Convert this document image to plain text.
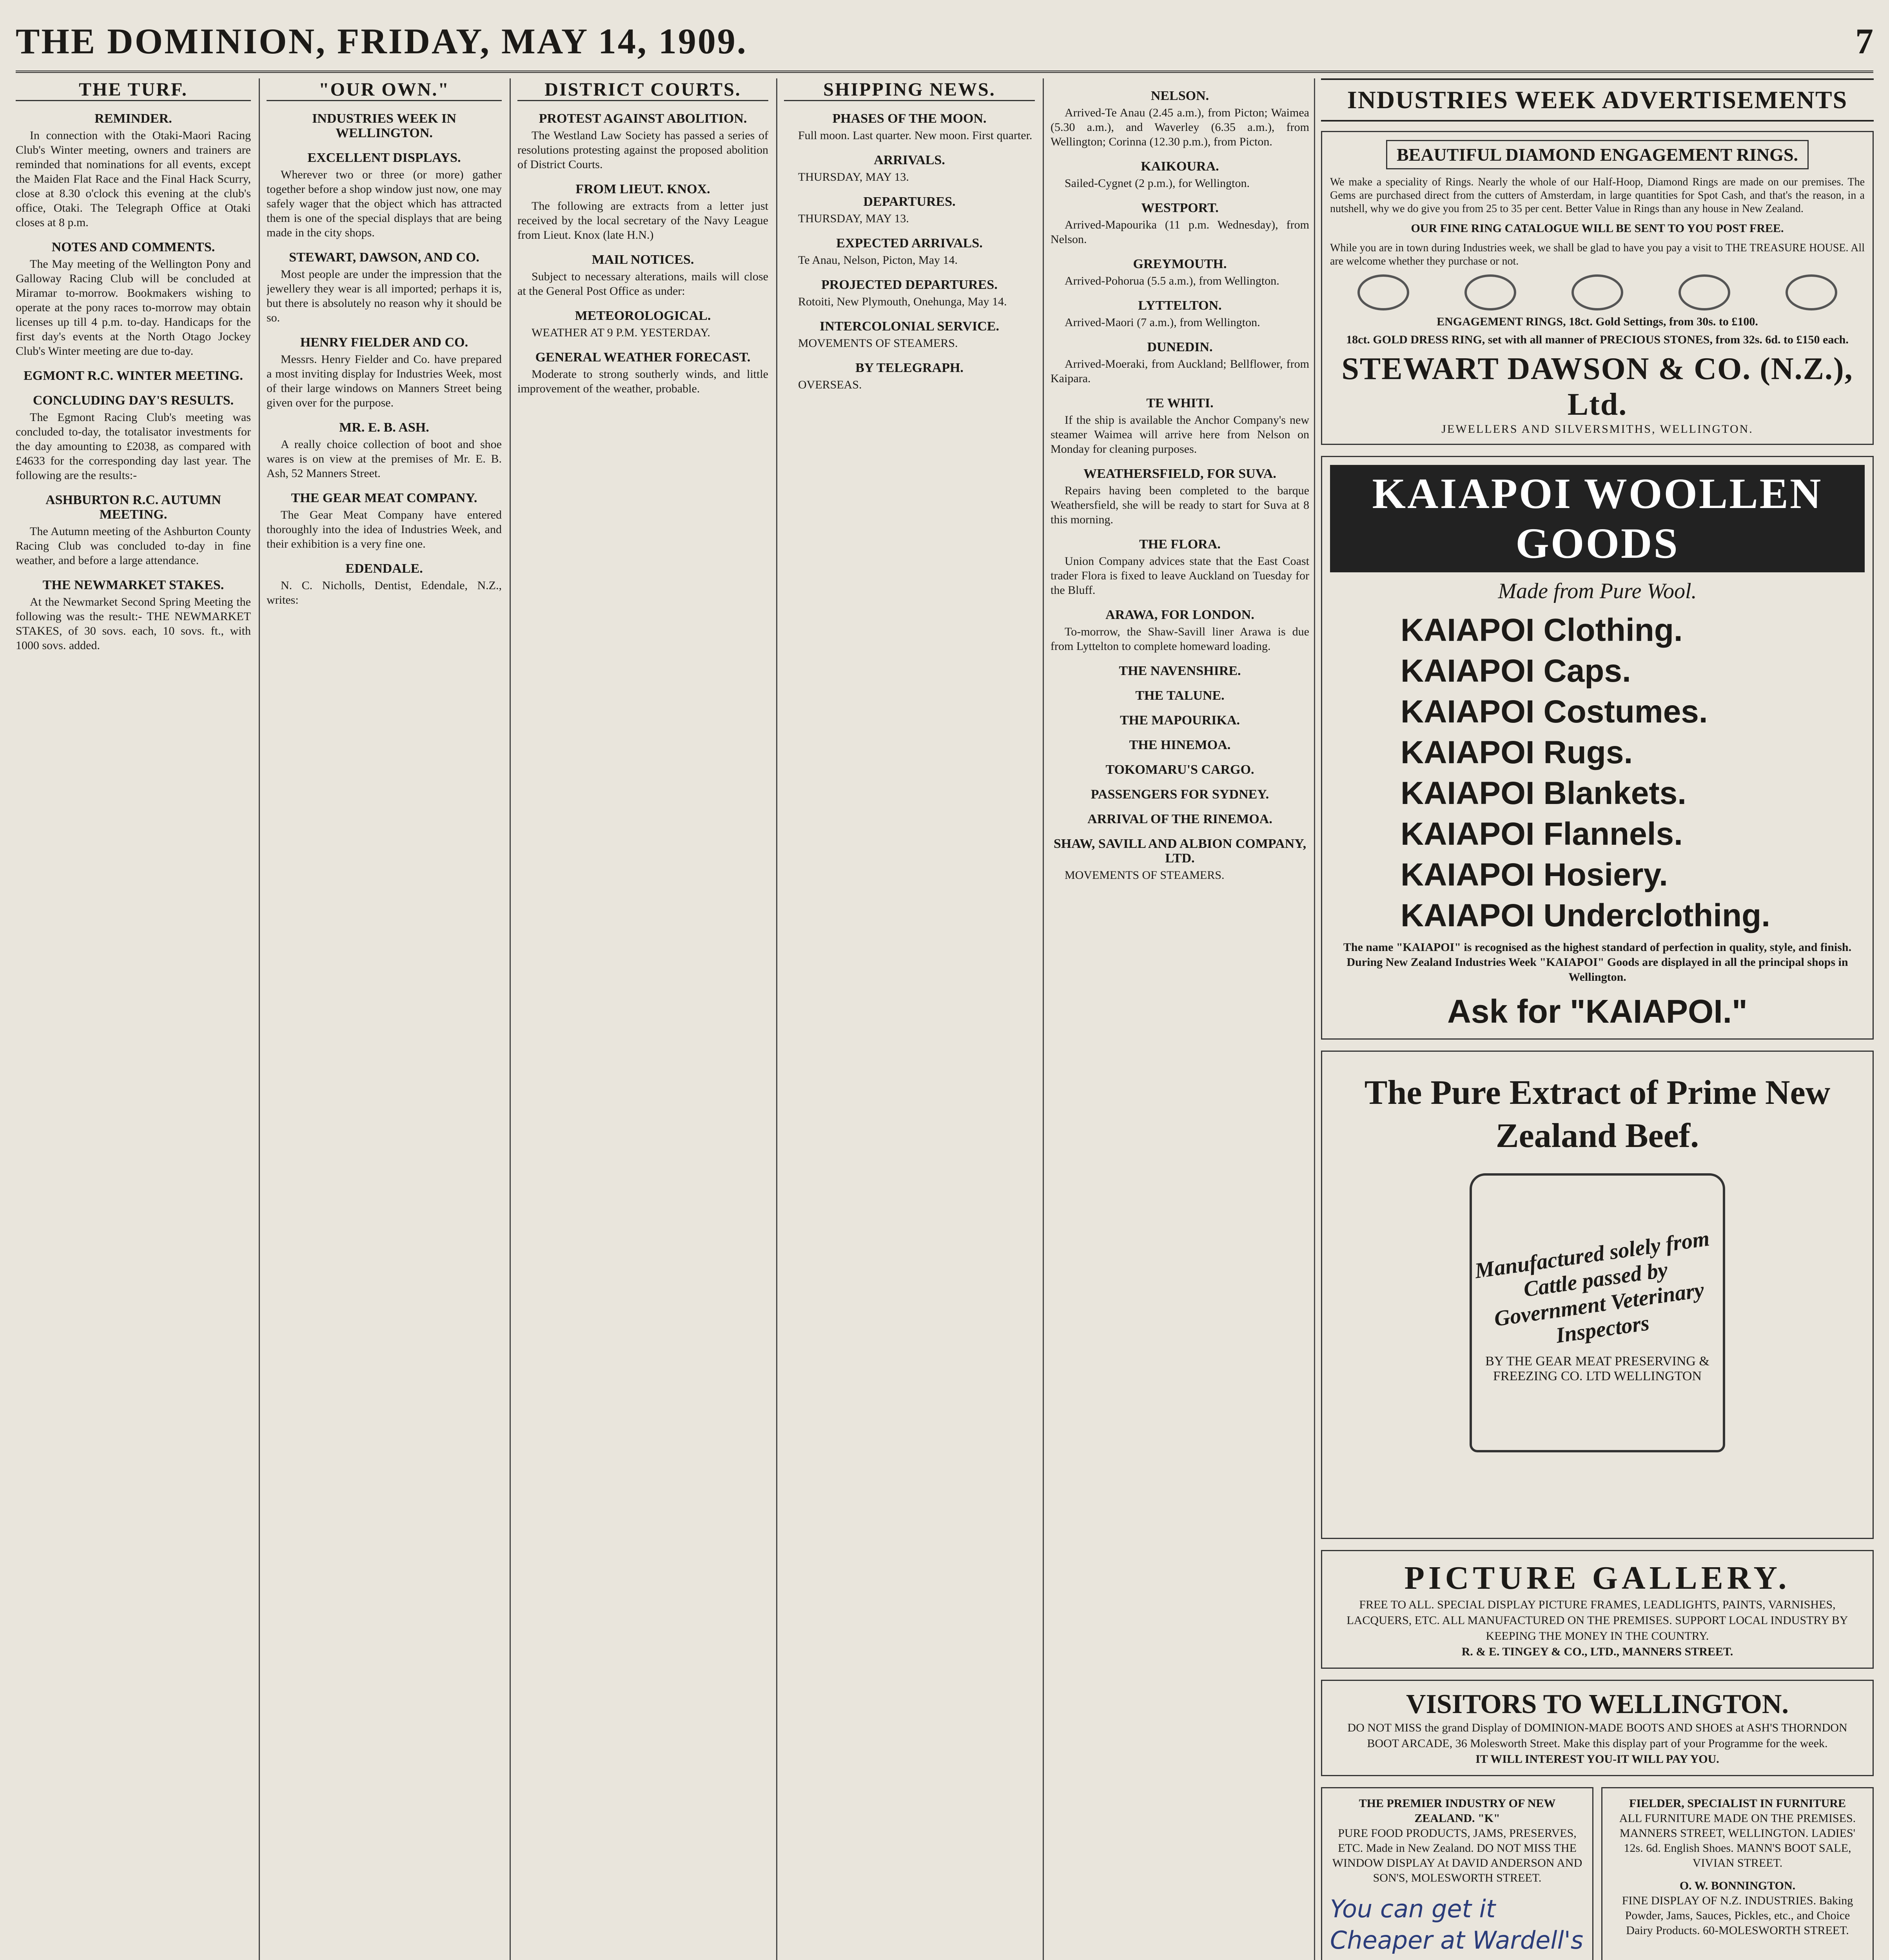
THE DOMINION, FRIDAY, MAY 14, 1909.	7
THE TURF.
REMINDER.

In connection with the Otaki-Maori Racing Club's Winter meeting, owners and trainers are reminded that nominations for all events, except the Maiden Flat Race and the Final Hack Scurry, close at 8.30 o'clock this evening at the club's office, Otaki. The Telegraph Office at Otaki closes at 8 p.m.

NOTES AND COMMENTS.

The May meeting of the Wellington Pony and Galloway Racing Club will be concluded at Miramar to-morrow. Bookmakers wishing to operate at the pony races to-morrow may obtain licenses up till 4 p.m. to-day. Handicaps for the first day's events at the North Otago Jockey Club's Winter meeting are due to-day.

EGMONT R.C. WINTER MEETING.
CONCLUDING DAY'S RESULTS.

The Egmont Racing Club's meeting was concluded to-day, the totalisator investments for the day amounting to £2038, as compared with £4633 for the corresponding day last year. The following are the results:-

ASHBURTON R.C. AUTUMN MEETING.

The Autumn meeting of the Ashburton County Racing Club was concluded to-day in fine weather, and before a large attendance.

THE NEWMARKET STAKES.

At the Newmarket Second Spring Meeting the following was the result:- THE NEWMARKET STAKES, of 30 sovs. each, 10 sovs. ft., with 1000 sovs. added.

"OUR OWN."
INDUSTRIES WEEK IN WELLINGTON.
EXCELLENT DISPLAYS.

Wherever two or three (or more) gather together before a shop window just now, one may safely wager that the object which has attracted them is one of the special displays that are being made in the city shops.

STEWART, DAWSON, AND CO.

Most people are under the impression that the jewellery they wear is all imported; perhaps it is, but there is absolutely no reason why it should be so.

HENRY FIELDER AND CO.

Messrs. Henry Fielder and Co. have prepared a most inviting display for Industries Week, most of their large windows on Manners Street being given over for the purpose.

MR. E. B. ASH.

A really choice collection of boot and shoe wares is on view at the premises of Mr. E. B. Ash, 52 Manners Street.

THE GEAR MEAT COMPANY.

The Gear Meat Company have entered thoroughly into the idea of Industries Week, and their exhibition is a very fine one.

EDENDALE.

N. C. Nicholls, Dentist, Edendale, N.Z., writes:

DISTRICT COURTS.
PROTEST AGAINST ABOLITION.

The Westland Law Society has passed a series of resolutions protesting against the proposed abolition of District Courts.

FROM LIEUT. KNOX.

The following are extracts from a letter just received by the local secretary of the Navy League from Lieut. Knox (late H.N.)

MAIL NOTICES.

Subject to necessary alterations, mails will close at the General Post Office as under:

METEOROLOGICAL.

WEATHER AT 9 P.M. YESTERDAY.

GENERAL WEATHER FORECAST.

Moderate to strong southerly winds, and little improvement of the weather, probable.

SHIPPING NEWS.
PHASES OF THE MOON.

Full moon. Last quarter. New moon. First quarter.

ARRIVALS.

THURSDAY, MAY 13.

DEPARTURES.

THURSDAY, MAY 13.

EXPECTED ARRIVALS.

Te Anau, Nelson, Picton, May 14.

PROJECTED DEPARTURES.

Rotoiti, New Plymouth, Onehunga, May 14.

INTERCOLONIAL SERVICE.

MOVEMENTS OF STEAMERS.

BY TELEGRAPH.

OVERSEAS.

NELSON.

Arrived-Te Anau (2.45 a.m.), from Picton; Waimea (5.30 a.m.), and Waverley (6.35 a.m.), from Wellington; Corinna (12.30 p.m.), from Picton.

KAIKOURA.

Sailed-Cygnet (2 p.m.), for Wellington.

WESTPORT.

Arrived-Mapourika (11 p.m. Wednesday), from Nelson.

GREYMOUTH.

Arrived-Pohorua (5.5 a.m.), from Wellington.

LYTTELTON.

Arrived-Maori (7 a.m.), from Wellington.

DUNEDIN.

Arrived-Moeraki, from Auckland; Bellflower, from Kaipara.

TE WHITI.

If the ship is available the Anchor Company's new steamer Waimea will arrive here from Nelson on Monday for cleaning purposes.

WEATHERSFIELD, FOR SUVA.

Repairs having been completed to the barque Weathersfield, she will be ready to start for Suva at 8 this morning.

THE FLORA.

Union Company advices state that the East Coast trader Flora is fixed to leave Auckland on Tuesday for the Bluff.

ARAWA, FOR LONDON.

To-morrow, the Shaw-Savill liner Arawa is due from Lyttelton to complete homeward loading.

THE NAVENSHIRE.
THE TALUNE.
THE MAPOURIKA.
THE HINEMOA.
TOKOMARU'S CARGO.
PASSENGERS FOR SYDNEY.
ARRIVAL OF THE RINEMOA.
SHAW, SAVILL AND ALBION COMPANY, LTD.

MOVEMENTS OF STEAMERS.

INDUSTRIES WEEK ADVERTISEMENTS
BEAUTIFUL DIAMOND ENGAGEMENT RINGS.
We make a speciality of Rings. Nearly the whole of our Half-Hoop, Diamond Rings are made on our premises. The Gems are purchased direct from the cutters of Amsterdam, in large quantities for Spot Cash, and that's the reason, in a nutshell, why we do give you from 25 to 35 per cent. Better Value in Rings than any house in New Zealand.
OUR FINE RING CATALOGUE WILL BE SENT TO YOU POST FREE.
While you are in town during Industries week, we shall be glad to have you pay a visit to THE TREASURE HOUSE. All are welcome whether they purchase or not.
ENGAGEMENT RINGS, 18ct. Gold Settings, from 30s. to £100.
18ct. GOLD DRESS RING, set with all manner of PRECIOUS STONES, from 32s. 6d. to £150 each.
STEWART DAWSON & CO. (N.Z.), Ltd.
JEWELLERS AND SILVERSMITHS, WELLINGTON.
KAIAPOI WOOLLEN GOODS
Made from Pure Wool.
KAIAPOI Clothing.
KAIAPOI Caps.
KAIAPOI Costumes.
KAIAPOI Rugs.
KAIAPOI Blankets.
KAIAPOI Flannels.
KAIAPOI Hosiery.
KAIAPOI Underclothing.
The name "KAIAPOI" is recognised as the highest standard of perfection in quality, style, and finish.
During New Zealand Industries Week "KAIAPOI" Goods are displayed in all the principal shops in Wellington.
Ask for "KAIAPOI."
The Pure Extract of Prime New Zealand Beef.
Manufactured solely from Cattle passed by Government Veterinary Inspectors
BY THE GEAR MEAT PRESERVING & FREEZING CO. LTD WELLINGTON
PICTURE GALLERY.
FREE TO ALL. SPECIAL DISPLAY PICTURE FRAMES, LEADLIGHTS, PAINTS, VARNISHES, LACQUERS, ETC. ALL MANUFACTURED ON THE PREMISES. SUPPORT LOCAL INDUSTRY BY KEEPING THE MONEY IN THE COUNTRY.
R. & E. TINGEY & CO., LTD., MANNERS STREET.
VISITORS TO WELLINGTON.
DO NOT MISS the grand Display of DOMINION-MADE BOOTS AND SHOES at ASH'S THORNDON BOOT ARCADE, 36 Molesworth Street. Make this display part of your Programme for the week.
IT WILL INTEREST YOU-IT WILL PAY YOU.
THE PREMIER INDUSTRY OF NEW ZEALAND. "K"
PURE FOOD PRODUCTS, JAMS, PRESERVES, ETC. Made in New Zealand. DO NOT MISS THE WINDOW DISPLAY At DAVID ANDERSON AND SON'S, MOLESWORTH STREET.
You can get it Cheaper at Wardell's
FIELDER, SPECIALIST IN FURNITURE
ALL FURNITURE MADE ON THE PREMISES. MANNERS STREET, WELLINGTON. LADIES' 12s. 6d. English Shoes. MANN'S BOOT SALE, VIVIAN STREET.
O. W. BONNINGTON.
FINE DISPLAY OF N.Z. INDUSTRIES. Baking Powder, Jams, Sauces, Pickles, etc., and Choice Dairy Products. 60-MOLESWORTH STREET.
